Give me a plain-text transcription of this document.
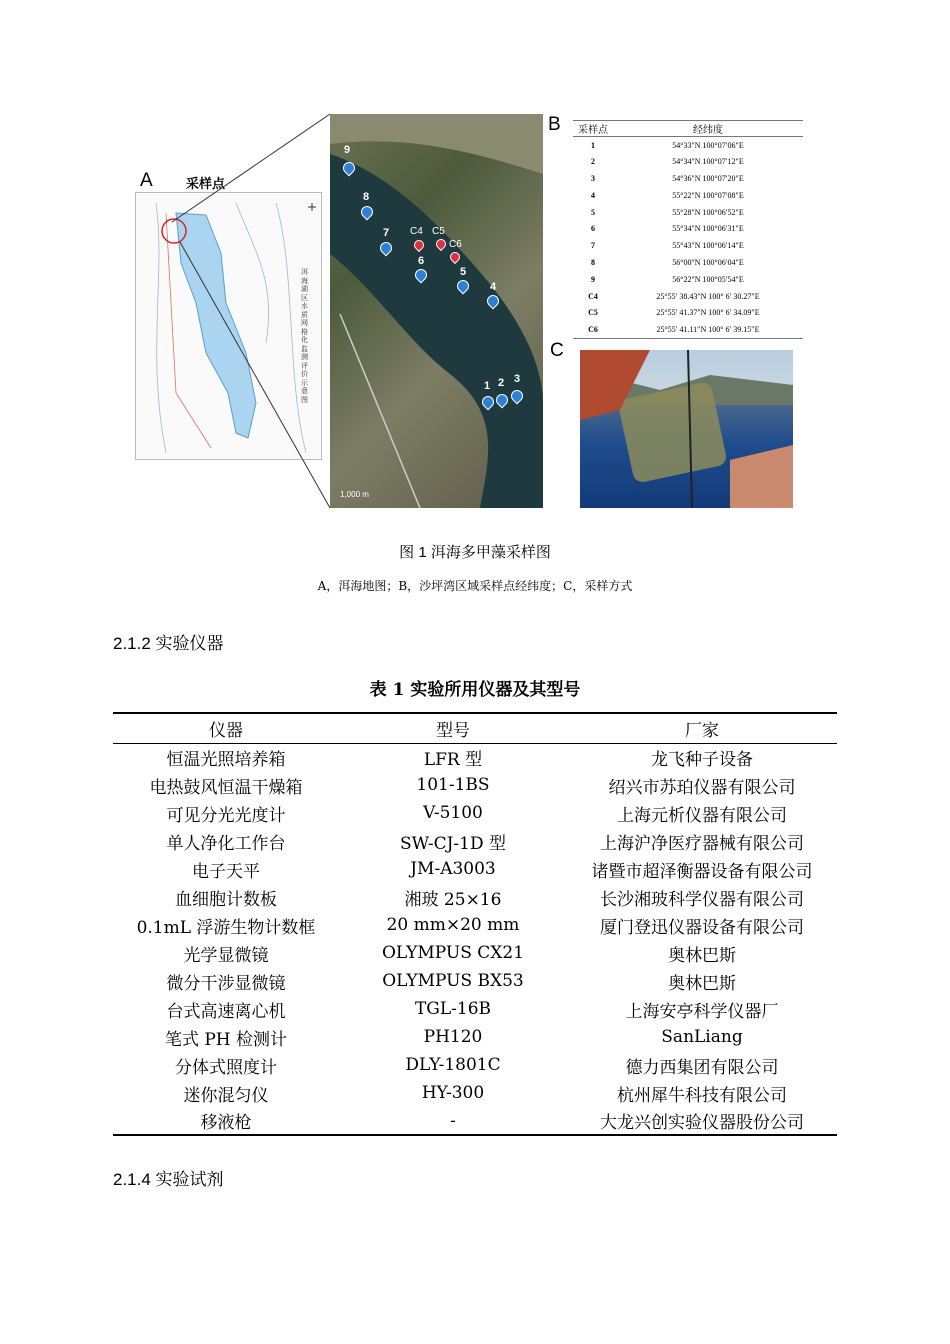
A	采样点
洱海湖区水质网格化监测评价示意图
9
8
7
6
5
4
1 2 3
C4 C5
C6
1,000 m
B 采样点	经纬度
1	54°33″N 100°07′06″E
2	54°34″N 100°07′12″E
3	54°36″N 100°07′20″E
4	55°22″N 100°07′08″E
5	55°28″N 100°06′52″E
6	55°34″N 100°06′31″E
7	55°43″N 100°06′14″E
8	56°00″N 100°06′04″E
9	56°22″N 100°05′54″E
C4	25°55′ 38.43″N 100° 6′ 30.27″E
C5	25°55′ 41.37″N 100° 6′ 34.09″E
C6	25°55′ 41.11″N 100° 6′ 39.15″E
C
图 1 洱海多甲藻采样图
A，洱海地图；B，沙坪湾区域采样点经纬度；C，采样方式
2.1.2 实验仪器
表 1 实验所用仪器及其型号
仪器	型号	厂家
恒温光照培养箱	LFR 型	龙飞种子设备
电热鼓风恒温干燥箱	101-1BS	绍兴市苏珀仪器有限公司
可见分光光度计	V-5100	上海元析仪器有限公司
单人净化工作台	SW-CJ-1D 型	上海沪净医疗器械有限公司
电子天平	JM-A3003	诸暨市超泽衡器设备有限公司
血细胞计数板	湘玻 25×16	长沙湘玻科学仪器有限公司
0.1mL 浮游生物计数框	20 mm×20 mm	厦门登迅仪器设备有限公司
光学显微镜	OLYMPUS CX21	奥林巴斯
微分干涉显微镜	OLYMPUS BX53	奥林巴斯
台式高速离心机	TGL-16B	上海安亭科学仪器厂
笔式 PH 检测计	PH120	SanLiang
分体式照度计	DLY-1801C	德力西集团有限公司
迷你混匀仪	HY-300	杭州犀牛科技有限公司
移液枪	-	大龙兴创实验仪器股份公司
2.1.4 实验试剂
